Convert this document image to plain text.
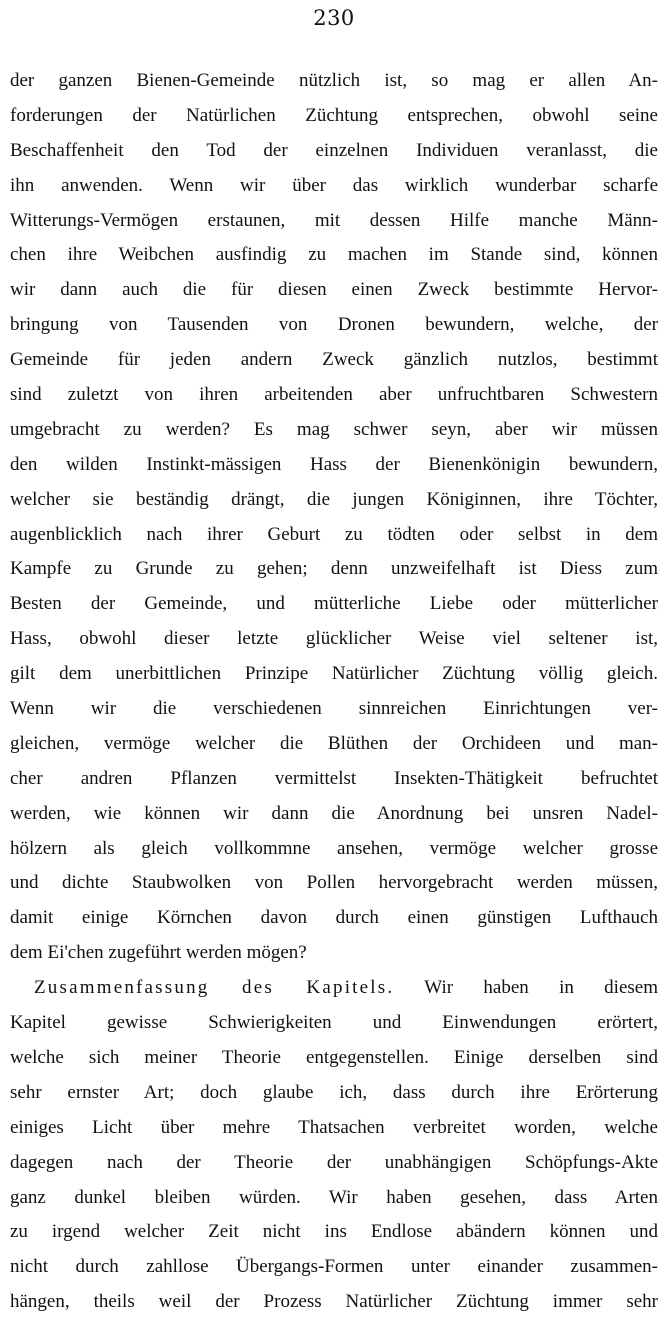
230
der ganzen Bienen-Gemeinde nützlich ist, so mag er allen An-
forderungen der Natürlichen Züchtung entsprechen, obwohl seine
Beschaffenheit den Tod der einzelnen Individuen veranlasst, die
ihn anwenden. Wenn wir über das wirklich wunderbar scharfe
Witterungs-Vermögen erstaunen, mit dessen Hilfe manche Männ-
chen ihre Weibchen ausfindig zu machen im Stande sind, können
wir dann auch die für diesen einen Zweck bestimmte Hervor-
bringung von Tausenden von Dronen bewundern, welche, der
Gemeinde für jeden andern Zweck gänzlich nutzlos, bestimmt
sind zuletzt von ihren arbeitenden aber unfruchtbaren Schwestern
umgebracht zu werden? Es mag schwer seyn, aber wir müssen
den wilden Instinkt-mässigen Hass der Bienenkönigin bewundern,
welcher sie beständig drängt, die jungen Königinnen, ihre Töchter,
augenblicklich nach ihrer Geburt zu tödten oder selbst in dem
Kampfe zu Grunde zu gehen; denn unzweifelhaft ist Diess zum
Besten der Gemeinde, und mütterliche Liebe oder mütterlicher
Hass, obwohl dieser letzte glücklicher Weise viel seltener ist,
gilt dem unerbittlichen Prinzipe Natürlicher Züchtung völlig gleich.
Wenn wir die verschiedenen sinnreichen Einrichtungen ver-
gleichen, vermöge welcher die Blüthen der Orchideen und man-
cher andren Pflanzen vermittelst Insekten-Thätigkeit befruchtet
werden, wie können wir dann die Anordnung bei unsren Nadel-
hölzern als gleich vollkommne ansehen, vermöge welcher grosse
und dichte Staubwolken von Pollen hervorgebracht werden müssen,
damit einige Körnchen davon durch einen günstigen Lufthauch
dem Ei'chen zugeführt werden mögen?
Zusammenfassung des Kapitels. Wir haben in diesem
Kapitel gewisse Schwierigkeiten und Einwendungen erörtert,
welche sich meiner Theorie entgegenstellen. Einige derselben sind
sehr ernster Art; doch glaube ich, dass durch ihre Erörterung
einiges Licht über mehre Thatsachen verbreitet worden, welche
dagegen nach der Theorie der unabhängigen Schöpfungs-Akte
ganz dunkel bleiben würden. Wir haben gesehen, dass Arten
zu irgend welcher Zeit nicht ins Endlose abändern können und
nicht durch zahllose Übergangs-Formen unter einander zusammen-
hängen, theils weil der Prozess Natürlicher Züchtung immer sehr
